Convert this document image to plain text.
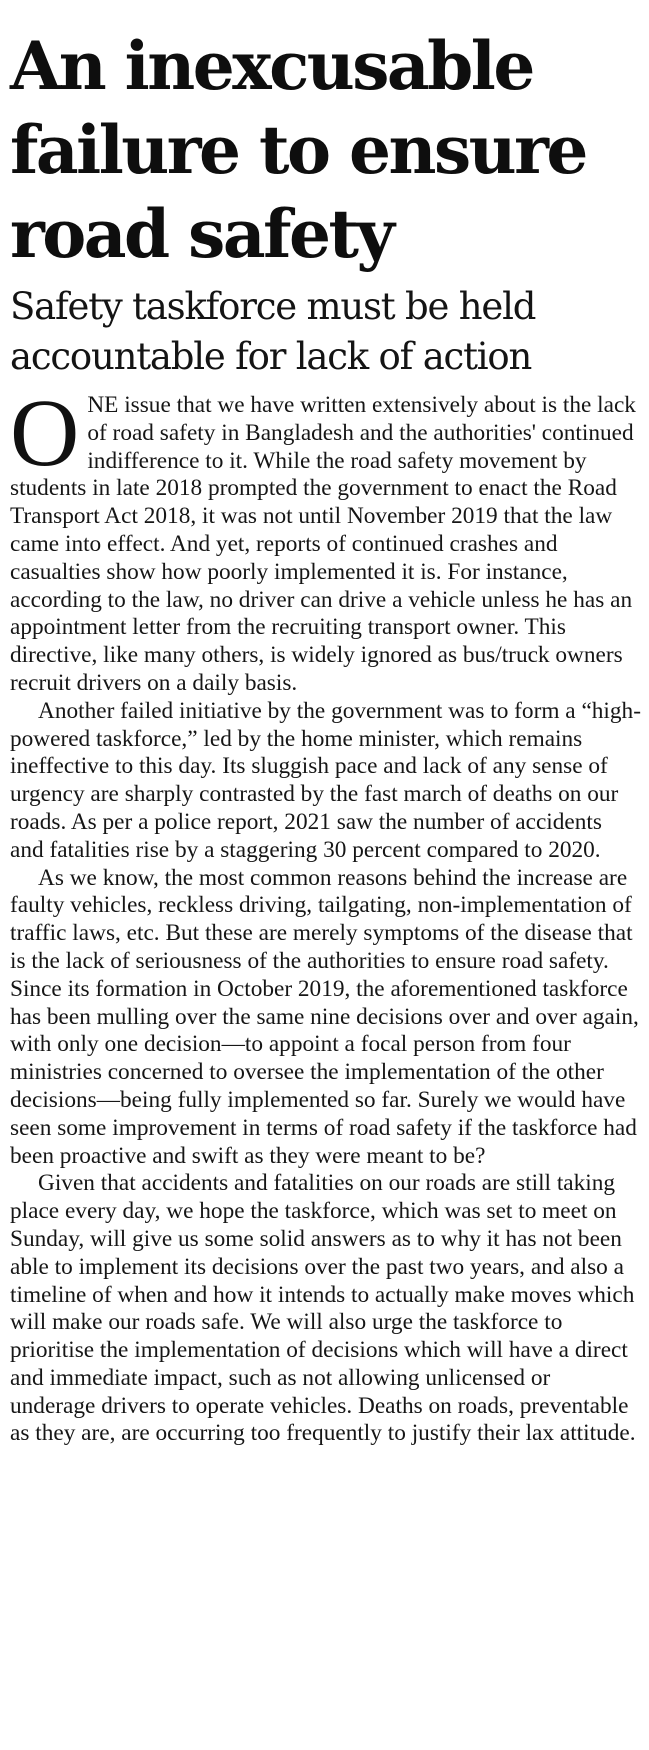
An inexcusable failure to ensure road safety
Safety taskforce must be held accountable for lack of action

ONE issue that we have written extensively about is the lack of road safety in Bangladesh and the authorities' continued indifference to it. While the road safety movement by students in late 2018 prompted the government to enact the Road Transport Act 2018, it was not until November 2019 that the law came into effect. And yet, reports of continued crashes and casualties show how poorly implemented it is. For instance, according to the law, no driver can drive a vehicle unless he has an appointment letter from the recruiting transport owner. This directive, like many others, is widely ignored as bus/truck owners recruit drivers on a daily basis.

Another failed initiative by the government was to form a “high-powered taskforce,” led by the home minister, which remains ineffective to this day. Its sluggish pace and lack of any sense of urgency are sharply contrasted by the fast march of deaths on our roads. As per a police report, 2021 saw the number of accidents and fatalities rise by a staggering 30 percent compared to 2020.

As we know, the most common reasons behind the increase are faulty vehicles, reckless driving, tailgating, non-implementation of traffic laws, etc. But these are merely symptoms of the disease that is the lack of seriousness of the authorities to ensure road safety. Since its formation in October 2019, the aforementioned taskforce has been mulling over the same nine decisions over and over again, with only one decision—to appoint a focal person from four ministries concerned to oversee the implementation of the other decisions—being fully implemented so far. Surely we would have seen some improvement in terms of road safety if the taskforce had been proactive and swift as they were meant to be?

Given that accidents and fatalities on our roads are still taking place every day, we hope the taskforce, which was set to meet on Sunday, will give us some solid answers as to why it has not been able to implement its decisions over the past two years, and also a timeline of when and how it intends to actually make moves which will make our roads safe. We will also urge the taskforce to prioritise the implementation of decisions which will have a direct and immediate impact, such as not allowing unlicensed or underage drivers to operate vehicles. Deaths on roads, preventable as they are, are occurring too frequently to justify their lax attitude.
